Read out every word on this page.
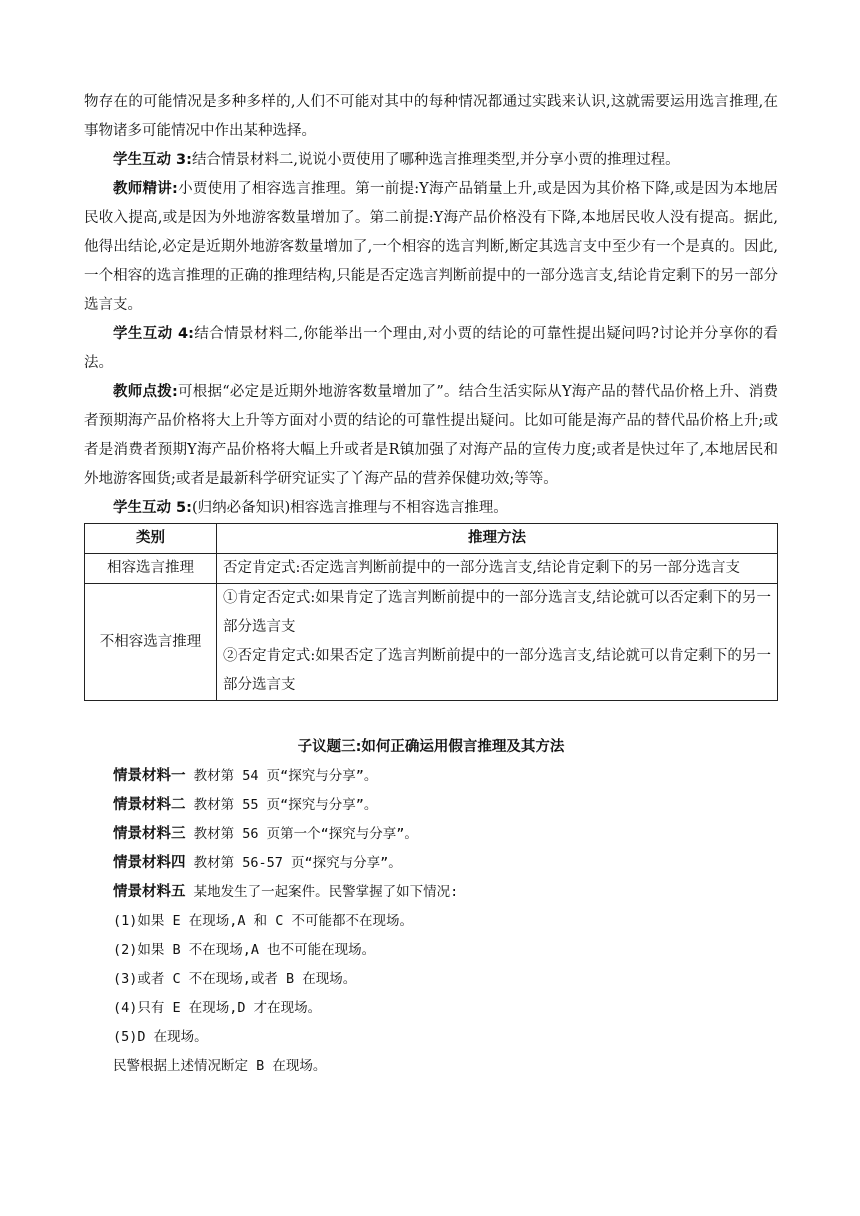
物存在的可能情况是多种多样的,人们不可能对其中的每种情况都通过实践来认识,这就需要运用选言推理,在事物诸多可能情况中作出某种选择。

学生互动 3:结合情景材料二,说说小贾使用了哪种选言推理类型,并分享小贾的推理过程。

教师精讲:小贾使用了相容选言推理。第一前提:Y海产品销量上升,或是因为其价格下降,或是因为本地居民收入提高,或是因为外地游客数量增加了。第二前提:Y海产品价格没有下降,本地居民收人没有提高。据此,他得出结论,必定是近期外地游客数量增加了,一个相容的选言判断,断定其选言支中至少有一个是真的。因此,一个相容的选言推理的正确的推理结构,只能是否定选言判断前提中的一部分选言支,结论肯定剩下的另一部分选言支。

学生互动 4:结合情景材料二,你能举出一个理由,对小贾的结论的可靠性提出疑问吗?讨论并分享你的看法。

教师点拨:可根据“必定是近期外地游客数量增加了”。结合生活实际从Y海产品的替代品价格上升、消费者预期海产品价格将大上升等方面对小贾的结论的可靠性提出疑问。比如可能是海产品的替代品价格上升;或者是消费者预期Y海产品价格将大幅上升或者是R镇加强了对海产品的宣传力度;或者是快过年了,本地居民和外地游客囤货;或者是最新科学研究证实了丫海产品的营养保健功效;等等。

学生互动 5:(归纳必备知识)相容选言推理与不相容选言推理。

类别	推理方法
相容选言推理	否定肯定式:否定选言判断前提中的一部分选言支,结论肯定剩下的另一部分选言支
不相容选言推理	①肯定否定式:如果肯定了选言判断前提中的一部分选言支,结论就可以否定剩下的另一部分选言支
②否定肯定式:如果否定了选言判断前提中的一部分选言支,结论就可以肯定剩下的另一部分选言支
子议题三:如何正确运用假言推理及其方法
情景材料一 教材第 54 页“探究与分享”。
情景材料二 教材第 55 页“探究与分享”。
情景材料三 教材第 56 页第一个“探究与分享”。
情景材料四 教材第 56-57 页“探究与分享”。
情景材料五 某地发生了一起案件。民警掌握了如下情况:
(1)如果 E 在现场,A 和 C 不可能都不在现场。
(2)如果 B 不在现场,A 也不可能在现场。
(3)或者 C 不在现场,或者 B 在现场。
(4)只有 E 在现场,D 才在现场。
(5)D 在现场。
民警根据上述情况断定 B 在现场。
